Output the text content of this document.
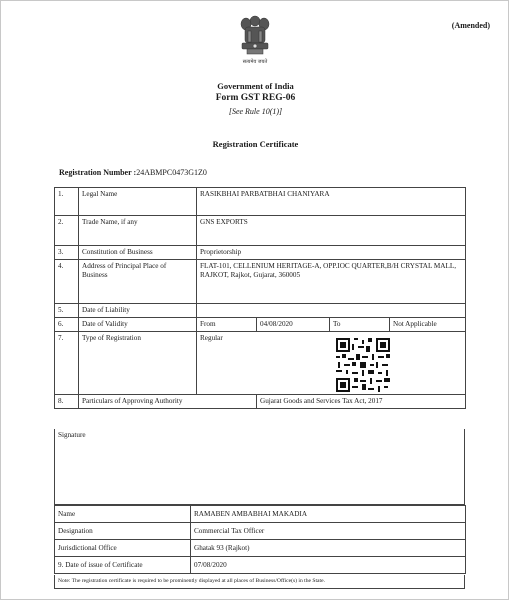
(Amended)
सत्यमेव जयते
Government of India
Form GST REG-06
[See Rule 10(1)]
Registration Certificate
Registration Number :24ABMPC0473G1Z0
1.	Legal Name	RASIKBHAI PARBATBHAI CHANIYARA			
2.	Trade Name, if any	GNS EXPORTS			
3.	Constitution of Business	Proprietorship			
4.	Address of Principal Place of Business	FLAT-101, CELLENIUM HERITAGE-A, OPP.IOC QUARTER,B/H CRYSTAL MALL, RAJKOT, Rajkot, Gujarat, 360005			
5.	Date of Liability				
6.	Date of Validity	From	04/08/2020	To	Not Applicable
7.	Type of Registration	Regular			

8.	Particulars of Approving Authority		Gujarat Goods and Services Tax Act, 2017		
Signature
Name	RAMABEN AMBABHAI MAKADIA
Designation	Commercial Tax Officer
Jurisdictional Office	Ghatak 93 (Rajkot)
9. Date of issue of Certificate	07/08/2020
Note: The registration certificate is required to be prominently displayed at all places of Business/Office(s) in the State.
